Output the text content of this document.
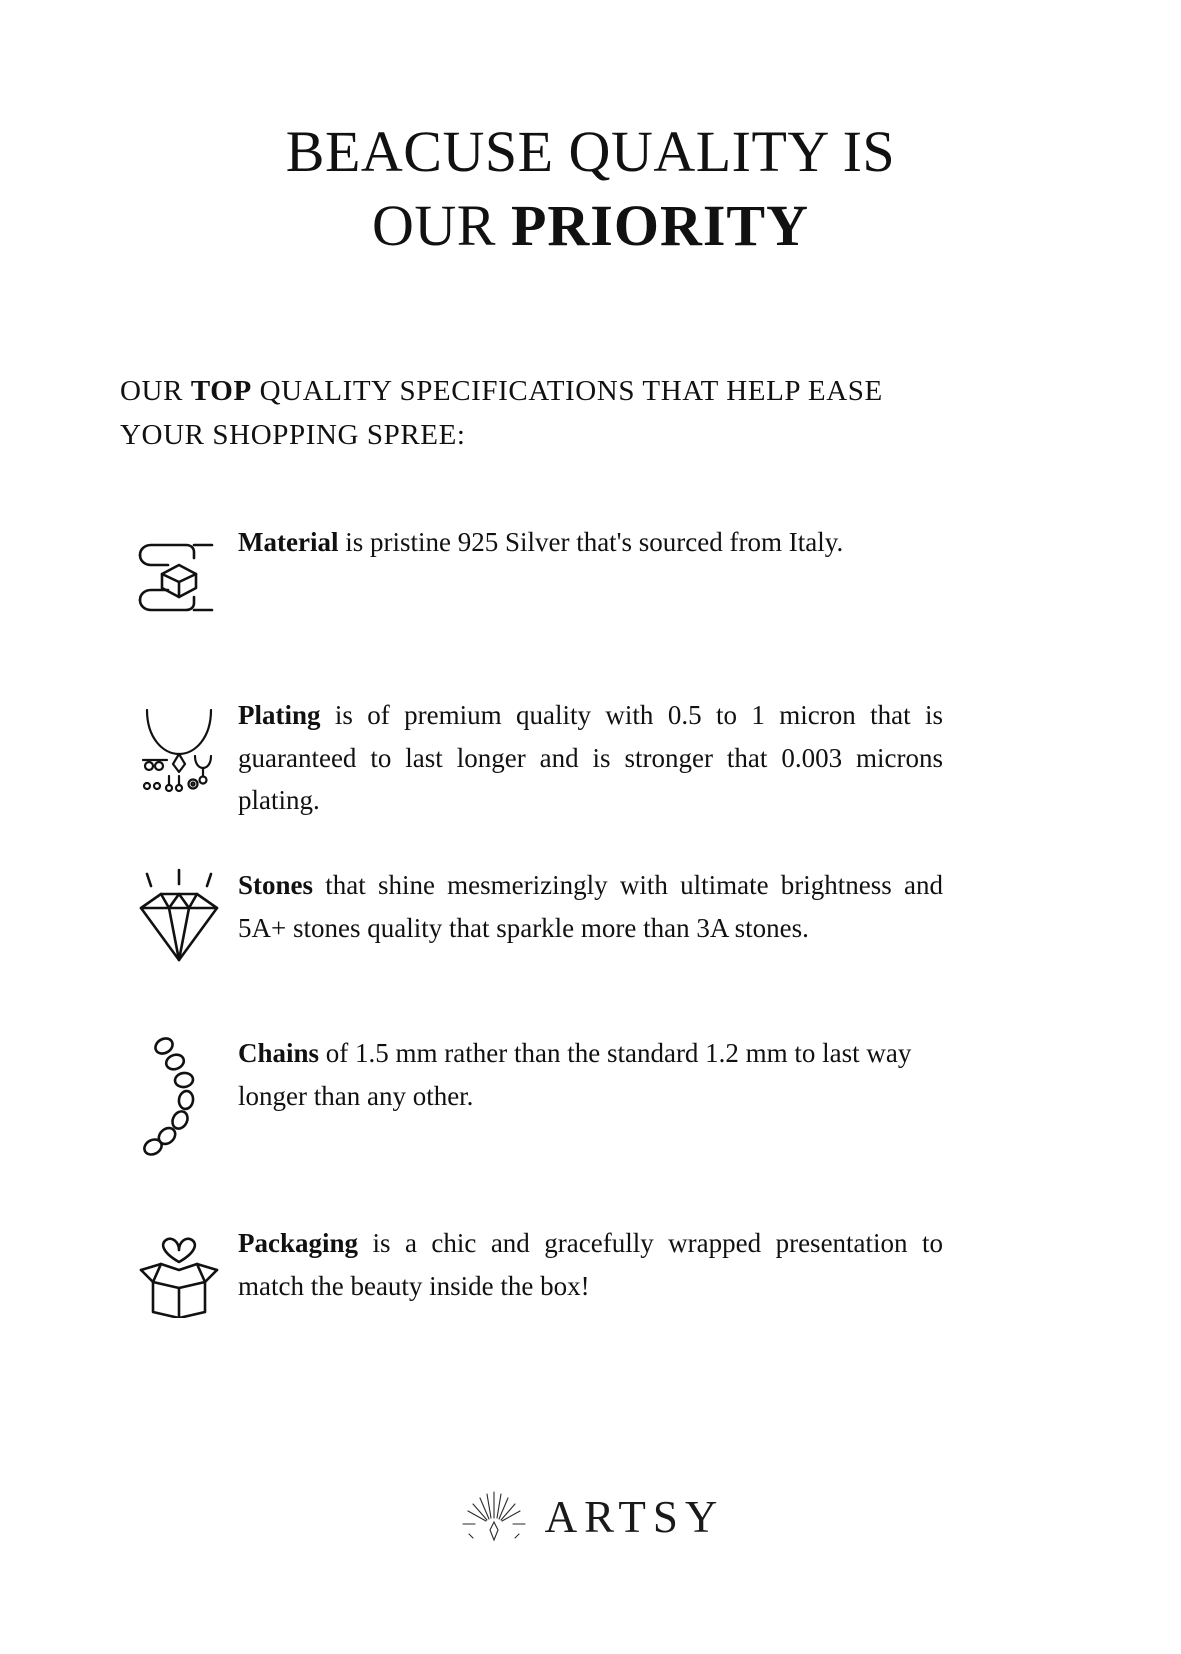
BEACUSE QUALITY IS
OUR PRIORITY
OUR TOP QUALITY SPECIFICATIONS THAT HELP EASE YOUR SHOPPING SPREE:
Material is pristine 925 Silver that's sourced from Italy.
Plating is of premium quality with 0.5 to 1 micron that is guaranteed to last longer and is stronger that 0.003 microns plating.
Stones that shine mesmerizingly with ultimate brightness and 5A+ stones quality that sparkle more than 3A stones.
Chains of 1.5 mm rather than the standard 1.2 mm to last way longer than any other.
Packaging is a chic and gracefully wrapped presentation to match the beauty inside the box!
ARTSY
